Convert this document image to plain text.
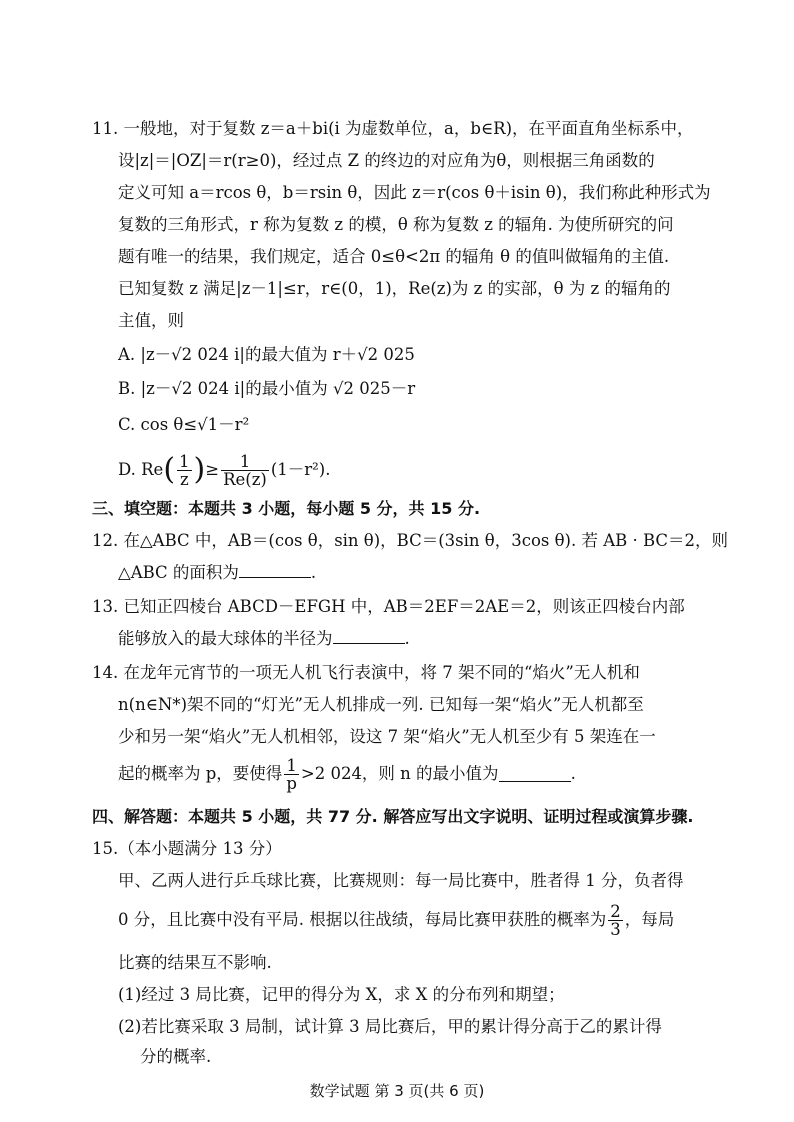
11. 一般地，对于复数 z＝a＋bi(i 为虚数单位，a，b∈R)，在平面直角坐标系中，
设|z|＝|OZ|＝r(r≥0)，经过点 Z 的终边的对应角为θ，则根据三角函数的
定义可知 a＝rcos θ，b＝rsin θ，因此 z＝r(cos θ＋isin θ)，我们称此种形式为
复数的三角形式，r 称为复数 z 的模，θ 称为复数 z 的辐角. 为使所研究的问
题有唯一的结果，我们规定，适合 0≤θ<2π 的辐角 θ 的值叫做辐角的主值.
已知复数 z 满足|z－1|≤r，r∈(0，1)，Re(z)为 z 的实部，θ 为 z 的辐角的
主值，则
A. |z－√2 024 i|的最大值为 r＋√2 025
B. |z－√2 024 i|的最小值为 √2 025－r
C. cos θ≤√1－r²
D. Re ( $\frac{1}{z}$ ) ≥ $\frac{1}{Re(z)} (1-r^2)$.
三、填空题：本题共 3 小题，每小题 5 分，共 15 分.
12. 在△ABC 中，AB＝(cos θ，sin θ)，BC＝(3sin θ，3cos θ). 若 AB · BC＝2，则
△ABC 的面积为	.
13. 已知正四棱台 ABCD－EFGH 中，AB＝2EF＝2AE＝2，则该正四棱台内部
能够放入的最大球体的半径为	.
14. 在龙年元宵节的一项无人机飞行表演中，将 7 架不同的“焰火”无人机和
n(n∈N*)架不同的“灯光”无人机排成一列. 已知每一架“焰火”无人机都至
少和另一架“焰火”无人机相邻，设这 7 架“焰火”无人机至少有 5 架连在一
起的概率为 p，要使得 $\frac{1}{p} >2$ 024，则 n 的最小值为	.
四、解答题：本题共 5 小题，共 77 分. 解答应写出文字说明、证明过程或演算步骤.
15.（本小题满分 13 分）
甲、乙两人进行乒乓球比赛，比赛规则：每一局比赛中，胜者得 1 分，负者得
0 分，且比赛中没有平局. 根据以往战绩，每局比赛甲获胜的概率为 $\frac{2}{3}$ ，每局
比赛的结果互不影响.
(1)经过 3 局比赛，记甲的得分为 X，求 X 的分布列和期望；
(2)若比赛采取 3 局制，试计算 3 局比赛后，甲的累计得分高于乙的累计得
分的概率.
数学试题 第 3 页(共 6 页)
